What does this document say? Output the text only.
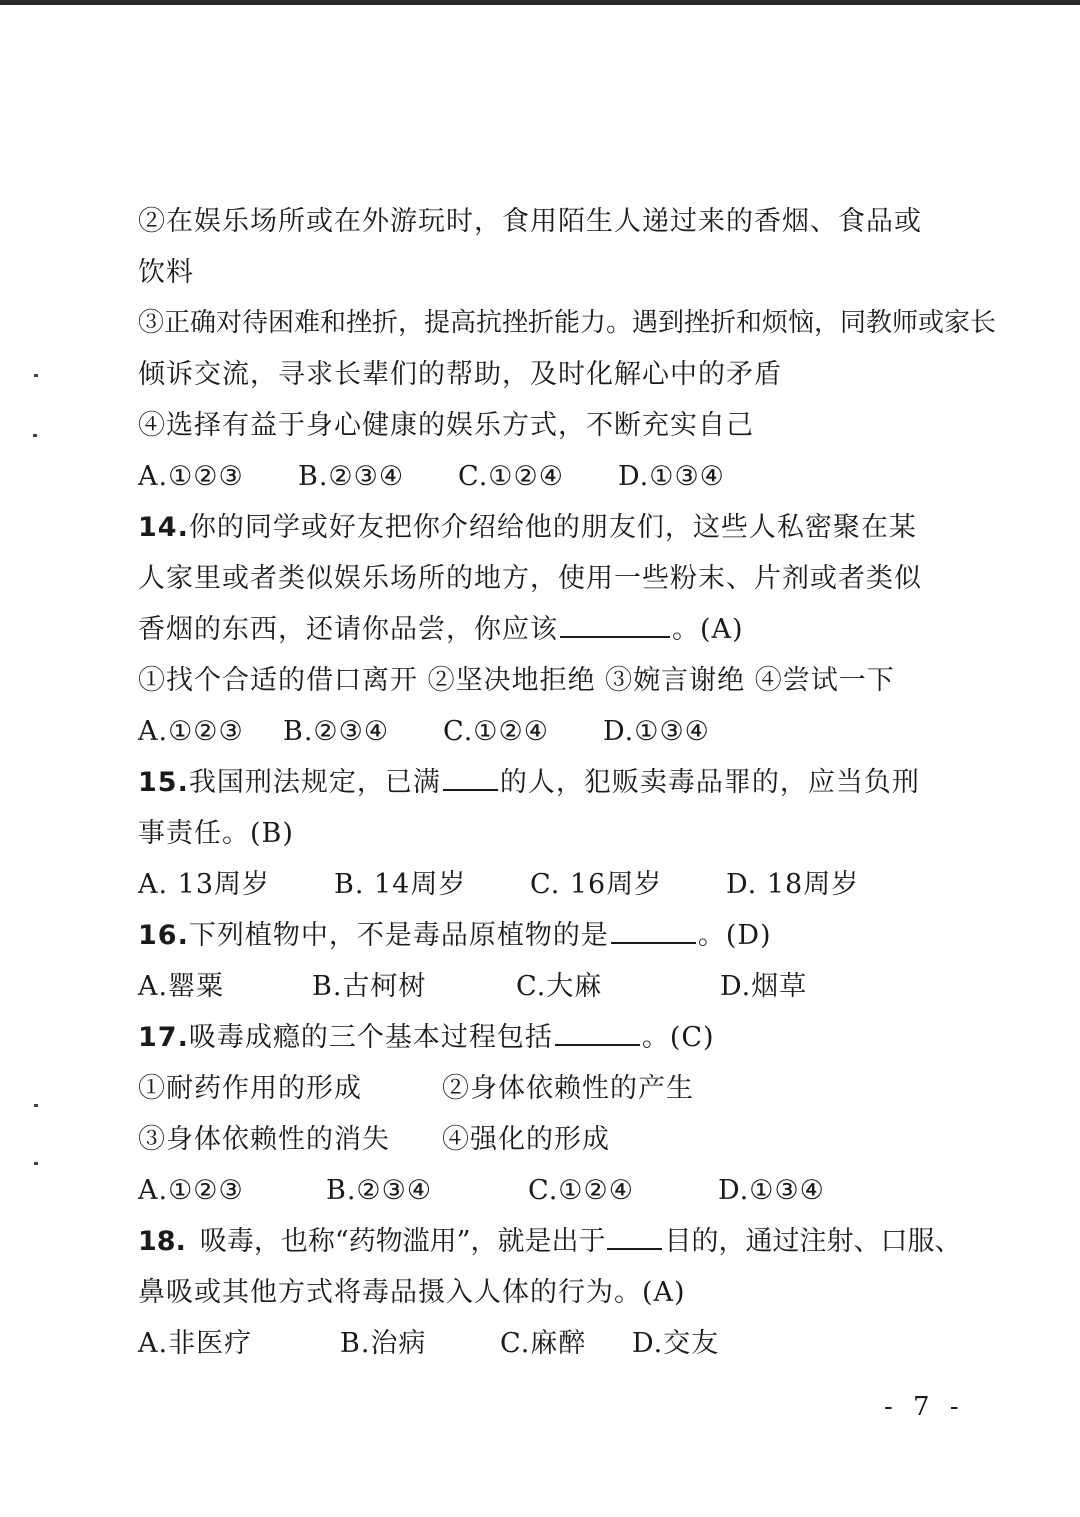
②在娱乐场所或在外游玩时，食用陌生人递过来的香烟、食品或
饮料
③正确对待困难和挫折，提高抗挫折能力。遇到挫折和烦恼，同教师或家长
倾诉交流，寻求长辈们的帮助，及时化解心中的矛盾
④选择有益于身心健康的娱乐方式，不断充实自己
A.①②③	B.②③④	C.①②④	D.①③④
14.你的同学或好友把你介绍给他的朋友们，这些人私密聚在某
人家里或者类似娱乐场所的地方，使用一些粉末、片剂或者类似
香烟的东西，还请你品尝，你应该	。(A)
①找个合适的借口离开 ②坚决地拒绝 ③婉言谢绝 ④尝试一下
A.①②③	B.②③④	C.①②④	D.①③④
15.我国刑法规定，已满 的人，犯贩卖毒品罪的，应当负刑
事责任。(B)
A. 13周岁	B. 14周岁	C. 16周岁	D. 18周岁
16.下列植物中，不是毒品原植物的是	。(D)
A.罂粟	B.古柯树	C.大麻	D.烟草
17.吸毒成瘾的三个基本过程包括	。(C)
①耐药作用的形成	②身体依赖性的产生
③身体依赖性的消失	④强化的形成
A.①②③	B.②③④	C.①②④	D.①③④
18. 吸毒，也称“药物滥用”，就是出于 目的，通过注射、口服、
鼻吸或其他方式将毒品摄入人体的行为。(A)
A.非医疗	B.治病	C.麻醉	D.交友
- 7 -
